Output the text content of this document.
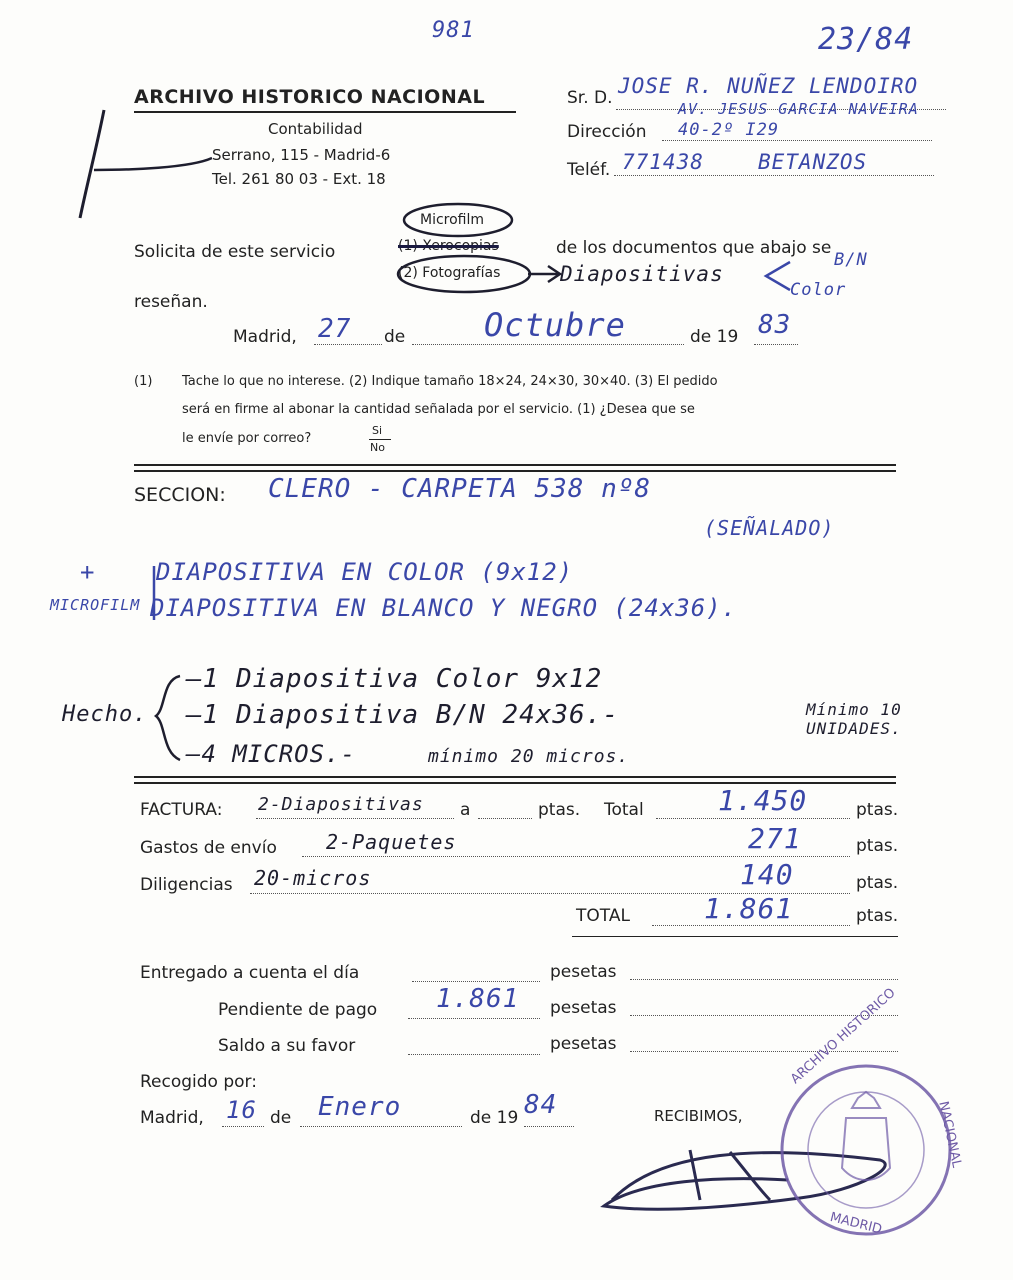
981	23/84
ARCHIVO HISTORICO NACIONAL
Contabilidad
Serrano, 115 - Madrid-6
Tel. 261 80 03 - Ext. 18
Sr. D. JOSE R. NUÑEZ LENDOIRO
AV. JESUS GARCIA NAVEIRA
Dirección 40-2º I29
Teléf. 771438	BETANZOS
Microfilm
Solicita de este servicio	(1) Xerocopias	de los documentos que abajo se
(2) Fotografías	Diapositivas
B/N
Color
reseñan.
Madrid, 27 de Octubre	de 19 83
(1) Tache lo que no interese. (2) Indique tamaño 18×24, 24×30, 30×40. (3) El pedido
será en firme al abonar la cantidad señalada por el servicio. (1) ¿Desea que se
le envíe por correo?
Si
No
SECCION: CLERO - CARPETA 538 nº8
(SEÑALADO)
+
MICROFILM
DIAPOSITIVA EN COLOR (9x12)
DIAPOSITIVA EN BLANCO Y NEGRO (24x36).
Hecho.
—1 Diapositiva Color 9x12
—1 Diapositiva B/N 24x36.-	Mínimo 10 UNIDADES.
—4 MICROS.-	mínimo 20 micros.
FACTURA: 2-Diapositivas a	ptas. Total	1.450	ptas.
Gastos de envío 2-Paquetes	271	ptas.
Diligencias 20-micros	140	ptas.
TOTAL	1.861	ptas.
Entregado a cuenta el día	pesetas
Pendiente de pago 1.861 pesetas
Saldo a su favor	pesetas
Recogido por:
Madrid, 16 de Enero	de 19 84	RECIBIMOS,
ARCHIVO HISTORICO
NACIONAL
MADRID
